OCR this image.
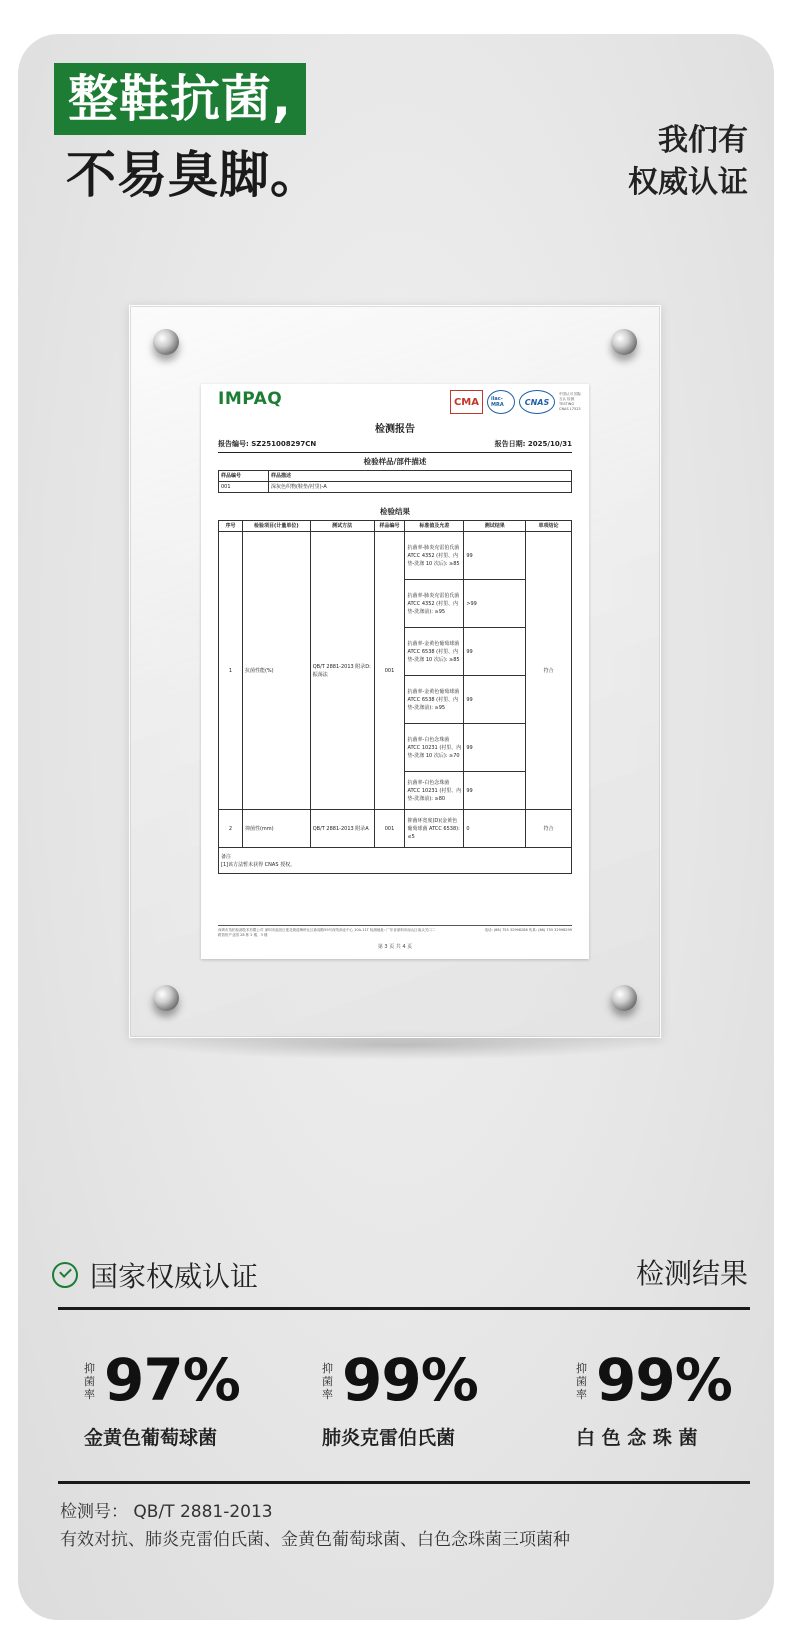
整鞋抗菌,
不易臭脚。
我们有
权威认证
IMPAQ	CMA	ilac-MRA	CNAS
中国认可 国际互认 检测 TESTING CNAS L7523
检测报告
报告编号: SZ251008297CN	报告日期: 2025/10/31
检验样品/部件描述
样品编号	样品描述
001	深灰色织物(鞋垫/衬里)-A
检验结果
序号	检验项目(计量单位)	测试方法	样品编号	标准值及允差	测试结果	单项结论
1	抗菌性能(%)	QB/T 2881-2013 附录D: 振荡法	001	抗菌率-肺炎克雷伯氏菌 ATCC 4352 (衬里、内垫-洗涤 10 次后): ≥85	99	符合
				抗菌率-肺炎克雷伯氏菌 ATCC 4352 (衬里、内垫-洗涤前): ≥95	>99	
				抗菌率-金黄色葡萄球菌 ATCC 6538 (衬里、内垫-洗涤 10 次后): ≥85	99	
				抗菌率-金黄色葡萄球菌 ATCC 6538 (衬里、内垫-洗涤前): ≥95	99	
				抗菌率-白色念珠菌 ATCC 10231 (衬里、内垫-洗涤 10 次后): ≥70	99	
				抗菌率-白色念珠菌 ATCC 10231 (衬里、内垫-洗涤前): ≥80	99	
2	抑菌性(mm)	QB/T 2881-2013 附录A	001	抑菌环宽度(D)(金黄色葡萄球菌 ATCC 6538): ≤5	0	符合

备注
[1]该方法暂未获得 CNAS 授权。						
深圳市英柏检测技术有限公司 深圳市福田区莲花街道梅岭社区新闻路59号深茂商业中心 10A-11T 检测地址: 广东省深圳市南山区南头关口二路智恒产业园 28 栋 2 楼、3 楼
电话: (86) 755 32998288 传真: (86) 755 32998299
第 3 页 共 4 页
国家权威认证	检测结果
抑菌率 97%
金黄色葡萄球菌
抑菌率 99%
肺炎克雷伯氏菌
抑菌率 99%
白 色 念 珠 菌
检测号： QB/T 2881-2013
有效对抗、肺炎克雷伯氏菌、金黄色葡萄球菌、白色念珠菌三项菌种
